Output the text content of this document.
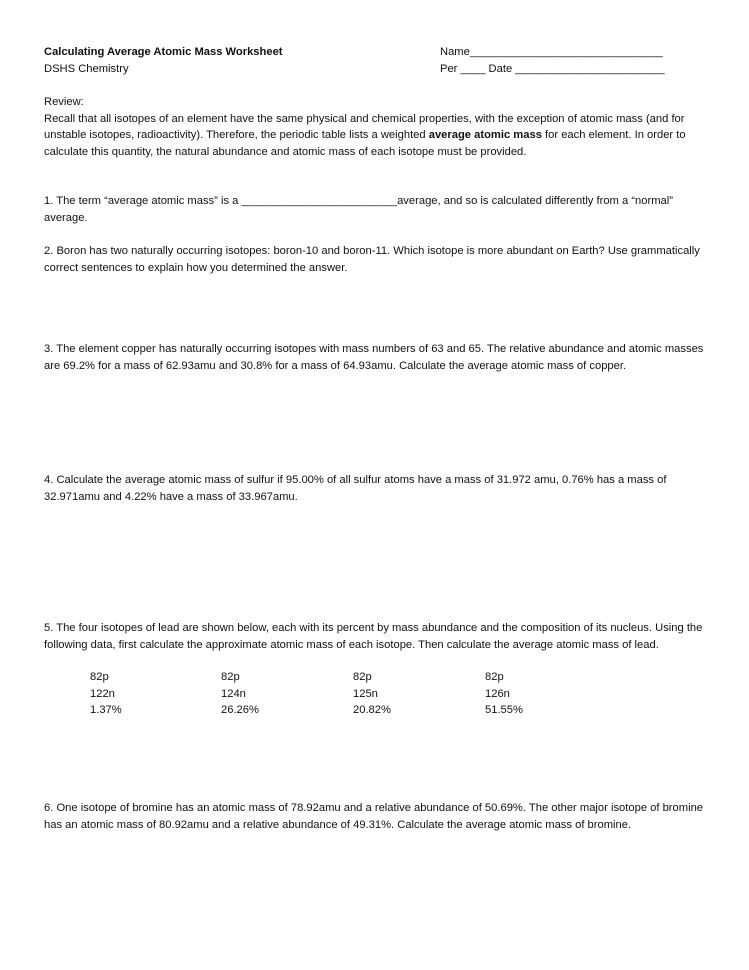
Calculating Average Atomic Mass Worksheet
DSHS Chemistry
Name_______________________________
Per ____ Date ________________________
Review:
Recall that all isotopes of an element have the same physical and chemical properties, with the exception of atomic mass (and for unstable isotopes, radioactivity). Therefore, the periodic table lists a weighted average atomic mass for each element. In order to calculate this quantity, the natural abundance and atomic mass of each isotope must be provided.
1. The term “average atomic mass” is a _________________________average, and so is calculated differently from a “normal” average.
2. Boron has two naturally occurring isotopes: boron-10 and boron-11. Which isotope is more abundant on Earth? Use grammatically correct sentences to explain how you determined the answer.
3. The element copper has naturally occurring isotopes with mass numbers of 63 and 65. The relative abundance and atomic masses are 69.2% for a mass of 62.93amu and 30.8% for a mass of 64.93amu. Calculate the average atomic mass of copper.
4. Calculate the average atomic mass of sulfur if 95.00% of all sulfur atoms have a mass of 31.972 amu, 0.76% has a mass of 32.971amu and 4.22% have a mass of 33.967amu.
5. The four isotopes of lead are shown below, each with its percent by mass abundance and the composition of its nucleus. Using the following data, first calculate the approximate atomic mass of each isotope. Then calculate the average atomic mass of lead.
82p
122n
1.37%
82p
124n
26.26%
82p
125n
20.82%
82p
126n
51.55%
6. One isotope of bromine has an atomic mass of 78.92amu and a relative abundance of 50.69%. The other major isotope of bromine has an atomic mass of 80.92amu and a relative abundance of 49.31%. Calculate the average atomic mass of bromine.
